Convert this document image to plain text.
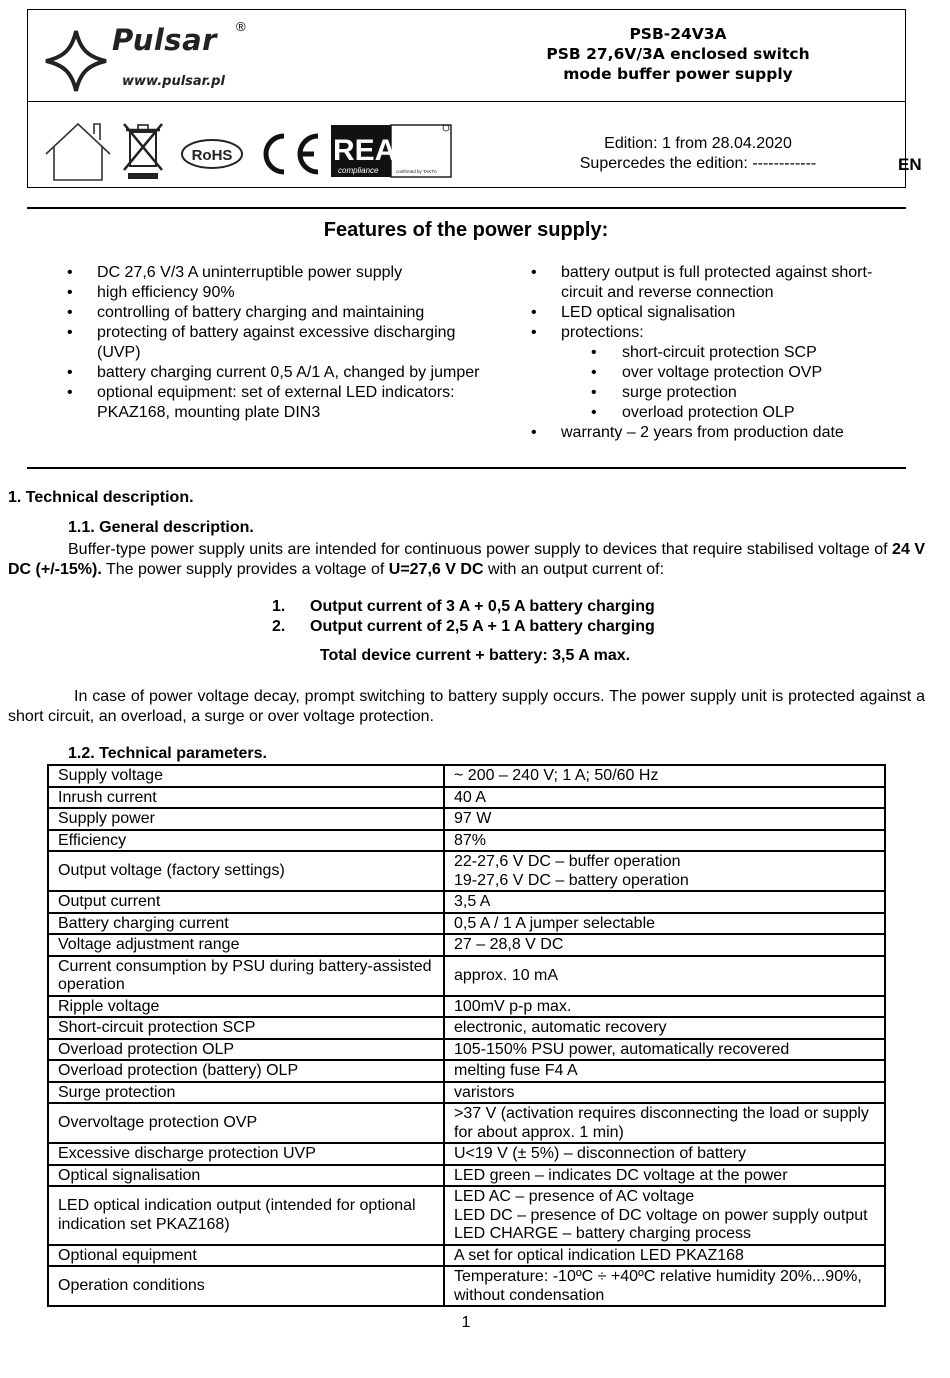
Pulsar ®
www.pulsar.pl
PSB-24V3A
PSB 27,6V/3A enclosed switch
mode buffer power supply
RoHS	REACH
compliance	confirmed by TAKTA
Edition: 1 from 28.04.2020
Supercedes the edition: ------------	EN
Features of the power supply:
• DC 27,6 V/3 A uninterruptible power supply
• high efficiency 90%
• controlling of battery charging and maintaining
• protecting of battery against excessive discharging (UVP)
• battery charging current 0,5 A/1 A, changed by jumper
• optional equipment: set of external LED indicators: PKAZ168, mounting plate DIN3
• battery output is full protected against short-circuit and reverse connection
• LED optical signalisation
• protections:
• short-circuit protection SCP
• over voltage protection OVP
• surge protection
• overload protection OLP
• warranty – 2 years from production date
1. Technical description.
1.1. General description.
Buffer-type power supply units are intended for continuous power supply to devices that require stabilised voltage of 24 V DC (+/-15%). The power supply provides a voltage of U=27,6 V DC with an output current of:
1. Output current of 3 A + 0,5 A battery charging
2. Output current of 2,5 A + 1 A battery charging
Total device current + battery: 3,5 A max.
In case of power voltage decay, prompt switching to battery supply occurs. The power supply unit is protected against a short circuit, an overload, a surge or over voltage protection.
1.2. Technical parameters.
Supply voltage	~ 200 – 240 V; 1 A; 50/60 Hz

Inrush current	40 A

Supply power	97 W

Efficiency	87%

Output voltage (factory settings)	22-27,6 V DC – buffer operation
19-27,6 V DC – battery operation

Output current	3,5 A

Battery charging current	0,5 A / 1 A jumper selectable

Voltage adjustment range	27 – 28,8 V DC

Current consumption by PSU during battery-assisted operation	approx. 10 mA

Ripple voltage	100mV p-p max.

Short-circuit protection SCP	electronic, automatic recovery

Overload protection OLP	105-150% PSU power, automatically recovered

Overload protection (battery) OLP	melting fuse F4 A

Surge protection	varistors

Overvoltage protection OVP	>37 V (activation requires disconnecting the load or supply for about approx. 1 min)

Excessive discharge protection UVP	U<19 V (± 5%) – disconnection of battery

Optical signalisation	LED green – indicates DC voltage at the power

LED optical indication output (intended for optional indication set PKAZ168)	LED AC – presence of AC voltage
LED DC – presence of DC voltage on power supply output
LED CHARGE – battery charging process

Optional equipment	A set for optical indication LED PKAZ168

Operation conditions	Temperature: -10ºC ÷ +40ºC relative humidity 20%...90%, without condensation
1
